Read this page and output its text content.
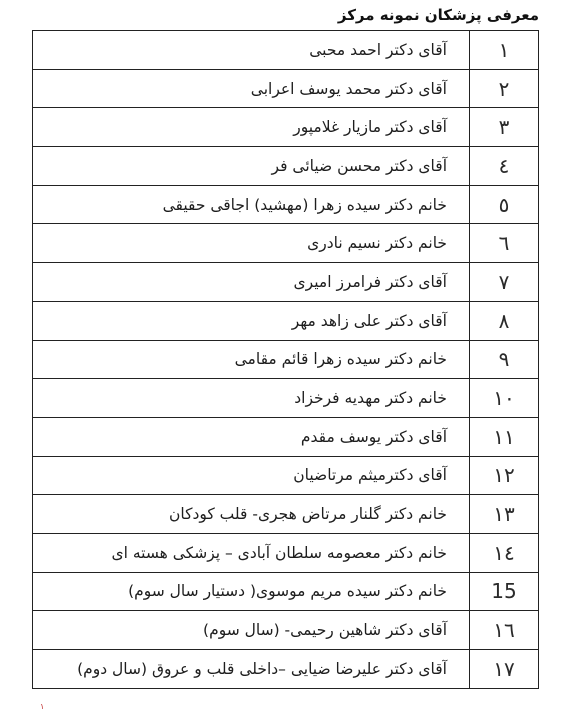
معرفی پزشکان نمونه مرکز
١	آقای دکتر احمد محبی
٢	آقای دکتر محمد یوسف اعرابی
٣	آقای دکتر مازیار غلامپور
٤	آقای دکتر محسن ضیائی فر
٥	خانم دکتر سیده زهرا (مهشید) اجاقی حقیقی
٦	خانم دکتر نسیم نادری
٧	آقای دکتر فرامرز امیری
٨	آقای دکتر علی زاهد مهر
٩	خانم دکتر سیده زهرا قائم مقامی
١٠	خانم دکتر مهدیه فرخزاد
١١	آقای دکتر یوسف مقدم
١٢	آقای دکترمیثم مرتاضیان
١٣	خانم دکتر گلنار مرتاض هجری- قلب کودکان
١٤	خانم دکتر معصومه سلطان آبادی – پزشکی هسته ای
15	خانم دکتر سیده مریم موسوی( دستیار سال سوم)
١٦	آقای دکتر شاهین رحیمی- (سال سوم)
١٧	آقای دکتر علیرضا ضیایی –داخلی قلب و عروق (سال دوم)
١
